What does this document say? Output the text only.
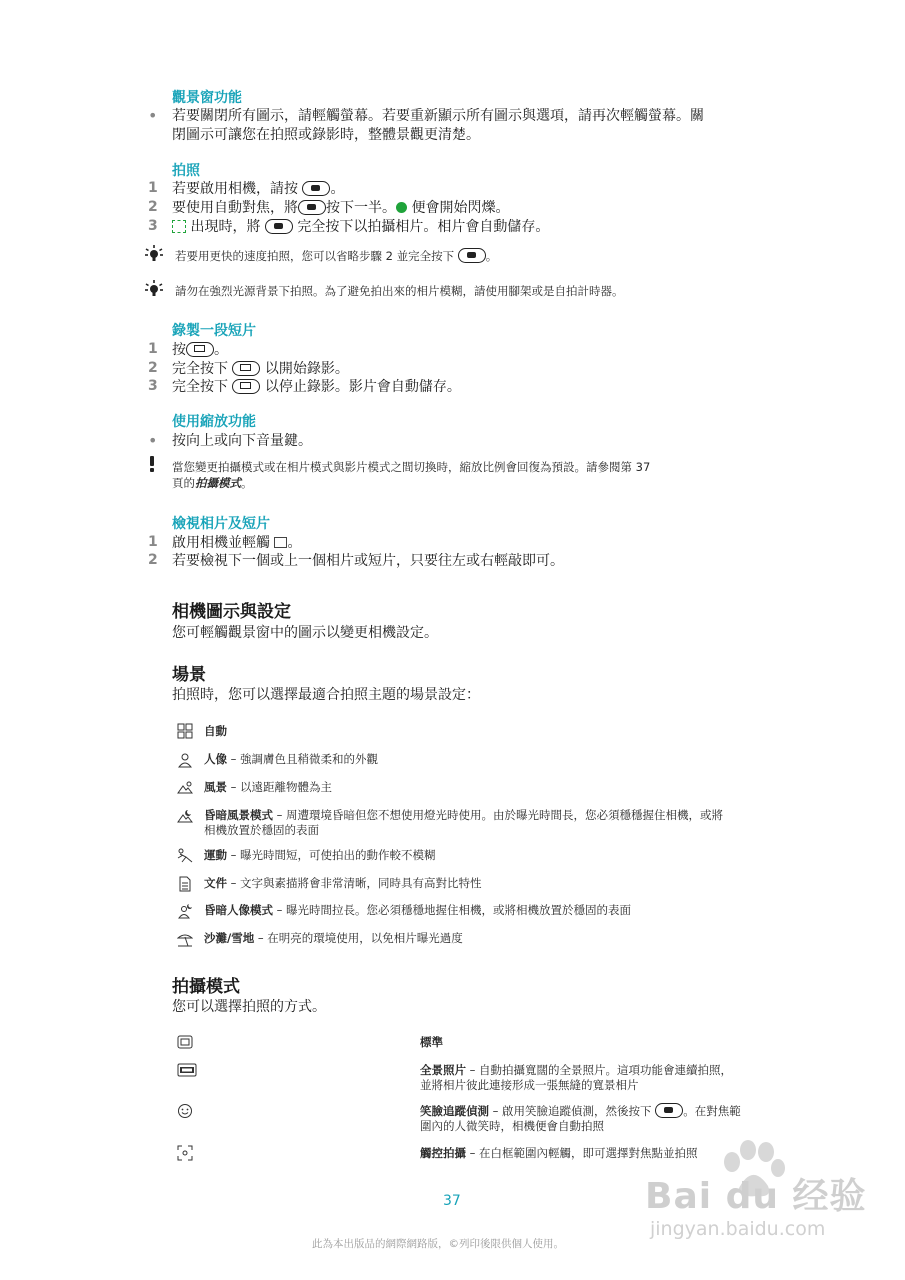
觀景窗功能
• 若要關閉所有圖示，請輕觸螢幕。若要重新顯示所有圖示與選項，請再次輕觸螢幕。關
閉圖示可讓您在拍照或錄影時，整體景觀更清楚。
拍照
1 若要啟用相機，請按 。
2 要使用自動對焦，將 按下一半。 便會開始閃爍。
3	出現時，將	完全按下以拍攝相片。相片會自動儲存。
若要用更快的速度拍照，您可以省略步驟 2 並完全按下	。
請勿在強烈光源背景下拍照。為了避免拍出來的相片模糊，請使用腳架或是自拍計時器。
錄製一段短片
1 按 。
2 完全按下	以開始錄影。
3 完全按下	以停止錄影。影片會自動儲存。
使用縮放功能
• 按向上或向下音量鍵。
當您變更拍攝模式或在相片模式與影片模式之間切換時，縮放比例會回復為預設。請參閱第 37
頁的拍攝模式。
檢視相片及短片
1 啟用相機並輕觸 。
2 若要檢視下一個或上一個相片或短片，只要往左或右輕敲即可。
相機圖示與設定
您可輕觸觀景窗中的圖示以變更相機設定。
場景
拍照時，您可以選擇最適合拍照主題的場景設定：
自動
人像 – 強調膚色且稍微柔和的外觀
風景 – 以遠距離物體為主
昏暗風景模式 – 周遭環境昏暗但您不想使用燈光時使用。由於曝光時間長，您必須穩穩握住相機，或將
相機放置於穩固的表面
運動 – 曝光時間短，可使拍出的動作較不模糊
文件 – 文字與素描將會非常清晰，同時具有高對比特性
昏暗人像模式 – 曝光時間拉長。您必須穩穩地握住相機，或將相機放置於穩固的表面
沙灘/雪地 – 在明亮的環境使用，以免相片曝光過度
拍攝模式
您可以選擇拍照的方式。
標準
全景照片 – 自動拍攝寬闊的全景照片。這項功能會連續拍照，
並將相片彼此連接形成一張無縫的寬景相片
笑臉追蹤偵測 – 啟用笑臉追蹤偵測，然後按下	。在對焦範
圍內的人微笑時，相機便會自動拍照
觸控拍攝 – 在白框範圍內輕觸，即可選擇對焦點並拍照
37
此為本出版品的網際網路版，©列印後限供個人使用。
Bai du 经验
jingyan.baidu.com
